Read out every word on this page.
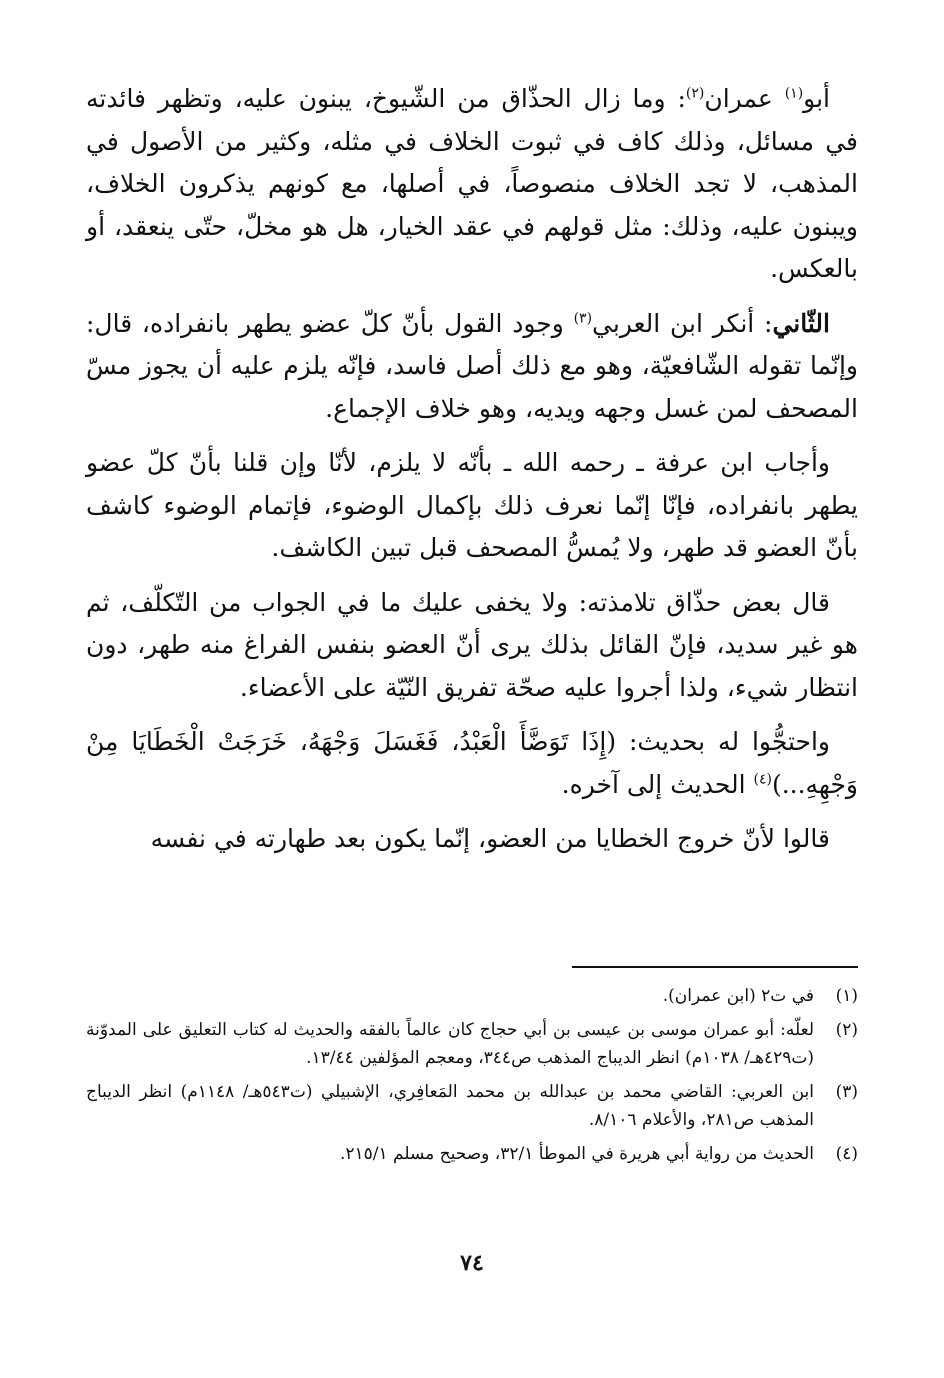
أبو$^{(١)}$ عمران$^{(٢)}$: وما زال الحذّاق من الشّيوخ، يبنون عليه، وتظهر فائدته في مسائل، وذلك كاف في ثبوت الخلاف في مثله، وكثير من الأصول في المذهب، لا تجد الخلاف منصوصاً، في أصلها، مع كونهم يذكرون الخلاف، ويبنون عليه، وذلك: مثل قولهم في عقد الخيار، هل هو مخلّ، حتّى ينعقد، أو بالعكس.

الثّاني: أنكر ابن العربي$^{(٣)}$ وجود القول بأنّ كلّ عضو يطهر بانفراده، قال: وإنّما تقوله الشّافعيّة، وهو مع ذلك أصل فاسد، فإنّه يلزم عليه أن يجوز مسّ المصحف لمن غسل وجهه ويديه، وهو خلاف الإجماع.

وأجاب ابن عرفة ـ رحمه الله ـ بأنّه لا يلزم، لأنّا وإن قلنا بأنّ كلّ عضو يطهر بانفراده، فإنّا إنّما نعرف ذلك بإكمال الوضوء، فإتمام الوضوء كاشف بأنّ العضو قد طهر، ولا يُمسُّ المصحف قبل تبين الكاشف.

قال بعض حذّاق تلامذته: ولا يخفى عليك ما في الجواب من التّكلّف، ثم هو غير سديد، فإنّ القائل بذلك يرى أنّ العضو بنفس الفراغ منه طهر، دون انتظار شيء، ولذا أجروا عليه صحّة تفريق النّيّة على الأعضاء.

واحتجُّوا له بحديث: (إِذَا تَوَضَّأَ الْعَبْدُ، فَغَسَلَ وَجْهَهُ، خَرَجَتْ الْخَطَايَا مِنْ وَجْهِهِ...)$^{(٤)}$ الحديث إلى آخره.

قالوا لأنّ خروج الخطايا من العضو، إنّما يكون بعد طهارته في نفسه

(١)
في ت٢ (ابن عمران).
(٢)
لعلّه: أبو عمران موسى بن عيسى بن أبي حجاج كان عالماً بالفقه والحديث له كتاب التعليق على المدوّنة (ت٤٢٩هـ/ ١٠٣٨م) انظر الديباج المذهب ص٣٤٤، ومعجم المؤلفين ١٣/٤٤.
(٣)
ابن العربي: القاضي محمد بن عبدالله بن محمد المَعافِري، الإشبيلي (ت٥٤٣هـ/ ١١٤٨م) انظر الديباج المذهب ص٢٨١، والأعلام ٨/١٠٦.
(٤)
الحديث من رواية أبي هريرة في الموطأ ٣٢/١، وصحيح مسلم ٢١٥/١.
٧٤
